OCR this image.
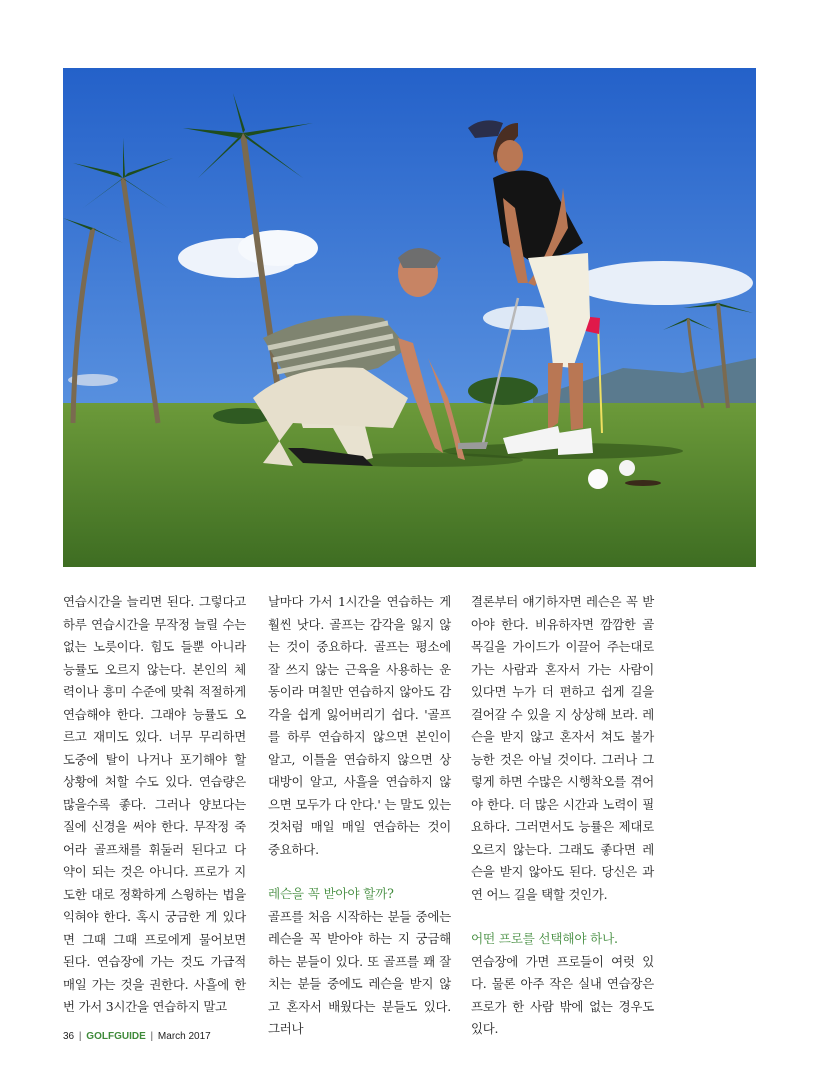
연습시간을 늘리면 된다. 그렇다고 하루 연습시간을 무작정 늘릴 수는 없는 노릇이다. 힘도 들뿐 아니라 능률도 오르지 않는다. 본인의 체력이나 흥미 수준에 맞춰 적절하게 연습해야 한다. 그래야 능률도 오르고 재미도 있다. 너무 무리하면 도중에 탈이 나거나 포기해야 할 상황에 처할 수도 있다. 연습량은 많을수록 좋다. 그러나 양보다는 질에 신경을 써야 한다. 무작정 죽어라 골프채를 휘둘러 된다고 다 약이 되는 것은 아니다. 프로가 지도한 대로 정확하게 스윙하는 법을 익혀야 한다. 혹시 궁금한 게 있다면 그때 그때 프로에게 물어보면 된다. 연습장에 가는 것도 가급적 매일 가는 것을 권한다. 사흘에 한 번 가서 3시간을 연습하지 말고

날마다 가서 1시간을 연습하는 게 훨씬 낫다. 골프는 감각을 잃지 않는 것이 중요하다. 골프는 평소에 잘 쓰지 않는 근육을 사용하는 운동이라 며칠만 연습하지 않아도 감각을 쉽게 잃어버리기 쉽다. '골프를 하루 연습하지 않으면 본인이 알고, 이틀을 연습하지 않으면 상대방이 알고, 사흘을 연습하지 않으면 모두가 다 안다.' 는 말도 있는 것처럼 매일 매일 연습하는 것이 중요하다.

레슨을 꼭 받아야 할까?

골프를 처음 시작하는 분들 중에는 레슨을 꼭 받아야 하는 지 궁금해 하는 분들이 있다. 또 골프를 꽤 잘 치는 분들 중에도 레슨을 받지 않고 혼자서 배웠다는 분들도 있다. 그러나

결론부터 얘기하자면 레슨은 꼭 받아야 한다. 비유하자면 깜깜한 골목길을 가이드가 이끌어 주는대로 가는 사람과 혼자서 가는 사람이 있다면 누가 더 편하고 쉽게 길을 걸어갈 수 있을 지 상상해 보라. 레슨을 받지 않고 혼자서 쳐도 불가능한 것은 아닐 것이다. 그러나 그렇게 하면 수많은 시행착오를 겪어야 한다. 더 많은 시간과 노력이 필요하다. 그러면서도 능률은 제대로 오르지 않는다. 그래도 좋다면 레슨을 받지 않아도 된다. 당신은 과연 어느 길을 택할 것인가.

어떤 프로를 선택해야 하나.

연습장에 가면 프로들이 여럿 있다. 물론 아주 작은 실내 연습장은 프로가 한 사람 밖에 없는 경우도 있다.

36 | GOLFGUIDE | March 2017
